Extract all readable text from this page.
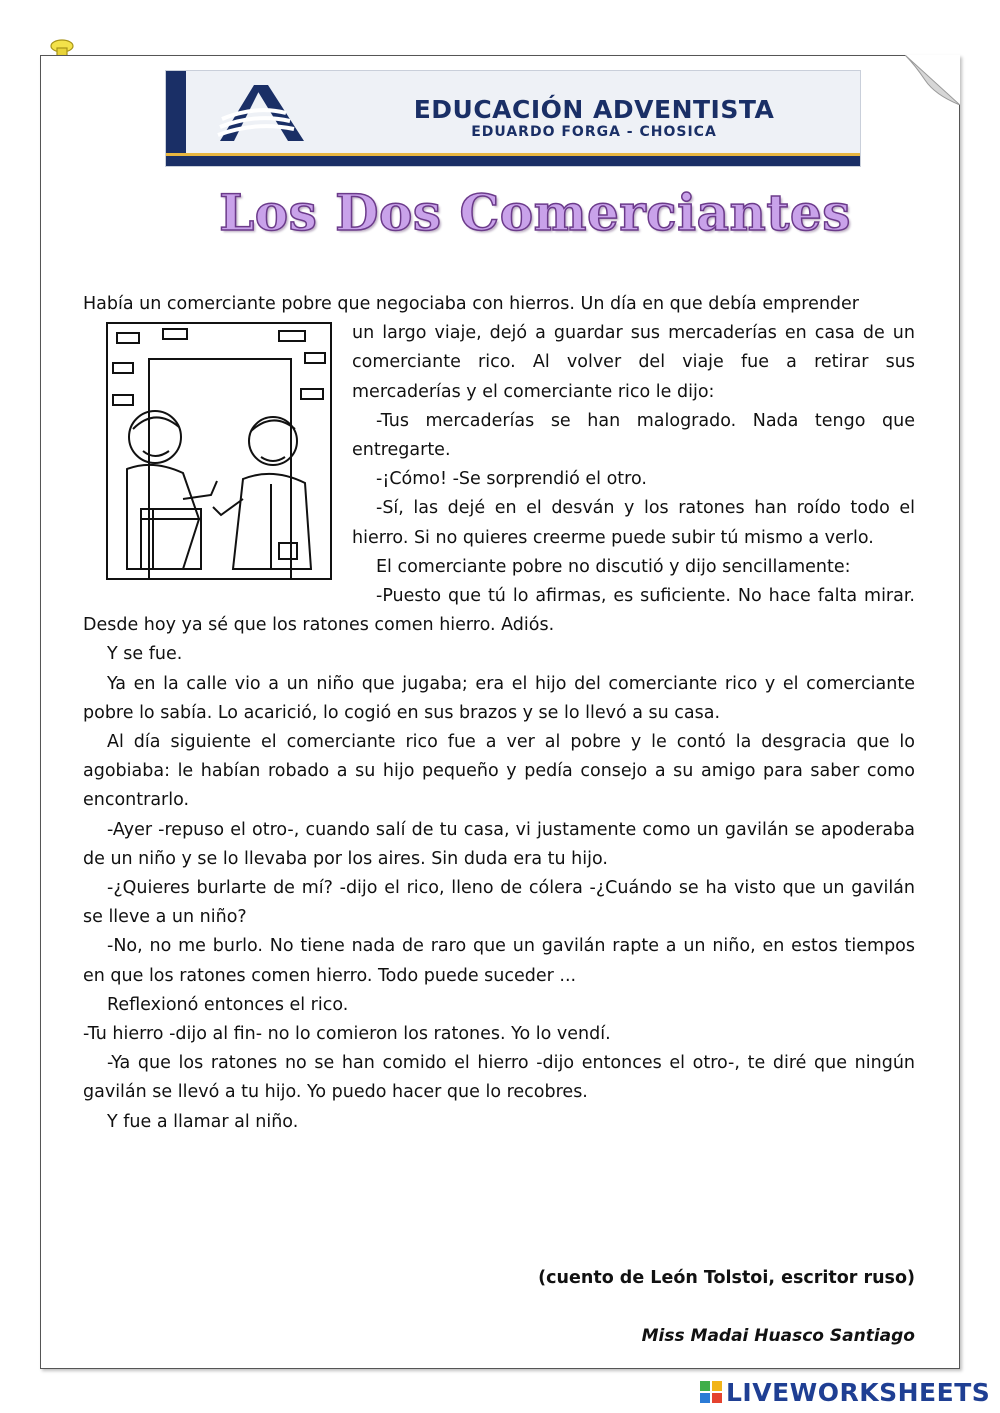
EDUCACIÓN ADVENTISTA
EDUARDO FORGA - CHOSICA
Los Dos Comerciantes

Había un comerciante pobre que negociaba con hierros. Un día en que debía emprender

un largo viaje, dejó a guardar sus mercaderías en casa de un comerciante rico. Al volver del viaje fue a retirar sus mercaderías y el comerciante rico le dijo:

-Tus mercaderías se han malogrado. Nada tengo que entregarte.

-¡Cómo! -Se sorprendió el otro.

-Sí, las dejé en el desván y los ratones han roído todo el hierro. Si no quieres creerme puede subir tú mismo a verlo.

El comerciante pobre no discutió y dijo sencillamente:

-Puesto que tú lo afirmas, es suficiente. No hace falta mirar. Desde hoy ya sé que los ratones comen hierro. Adiós.

Y se fue.

Ya en la calle vio a un niño que jugaba; era el hijo del comerciante rico y el comerciante pobre lo sabía. Lo acarició, lo cogió en sus brazos y se lo llevó a su casa.

Al día siguiente el comerciante rico fue a ver al pobre y le contó la desgracia que lo agobiaba: le habían robado a su hijo pequeño y pedía consejo a su amigo para saber como encontrarlo.

-Ayer -repuso el otro-, cuando salí de tu casa, vi justamente como un gavilán se apoderaba de un niño y se lo llevaba por los aires. Sin duda era tu hijo.

-¿Quieres burlarte de mí? -dijo el rico, lleno de cólera -¿Cuándo se ha visto que un gavilán se lleve a un niño?

-No, no me burlo. No tiene nada de raro que un gavilán rapte a un niño, en estos tiempos en que los ratones comen hierro. Todo puede suceder ...

Reflexionó entonces el rico.

-Tu hierro -dijo al fin- no lo comieron los ratones. Yo lo vendí.

-Ya que los ratones no se han comido el hierro -dijo entonces el otro-, te diré que ningún gavilán se llevó a tu hijo. Yo puedo hacer que lo recobres.

Y fue a llamar al niño.

(cuento de León Tolstoi, escritor ruso)
Miss Madai Huasco Santiago
LIVEWORKSHEETS
